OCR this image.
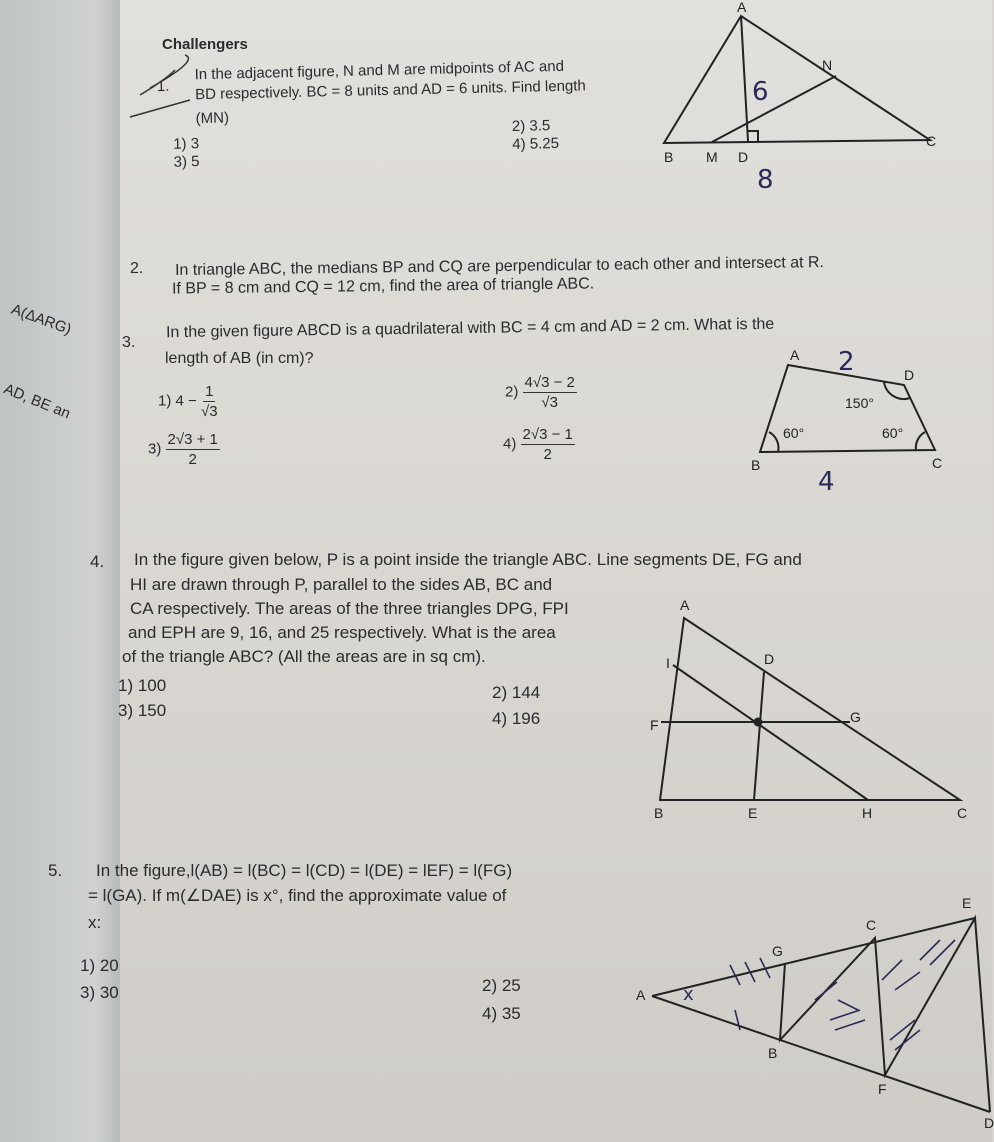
A(ΔARG)
AD, BE an
Challengers
1.
In the adjacent figure, N and M are midpoints of AC and
BD respectively. BC = 8 units and AD = 6 units. Find length
(MN)
1) 3
2) 3.5
3) 5
4) 5.25
A
N
B M D
C
6
8
A
D
B	C
150°
60°	60°
2
4
A
I	D
F	G
B	E	H	C
E
C
G
A
B
F
D
x
2. In triangle ABC, the medians BP and CQ are perpendicular to each other and intersect at R.
If BP = 8 cm and CQ = 12 cm, find the area of triangle ABC.
3.
In the given figure ABCD is a quadrilateral with BC = 4 cm and AD = 2 cm. What is the
length of AB (in cm)?
1) $4 - \frac{1}{√3}$	$2) \frac{4√3 - 2}{√3}$
$3) \frac{2√3 + 1}{2}$	$4) \frac{2√3 - 1}{2}$
4. In the figure given below, P is a point inside the triangle ABC. Line segments DE, FG and
HI are drawn through P, parallel to the sides AB, BC and
CA respectively. The areas of the three triangles DPG, FPI
and EPH are 9, 16, and 25 respectively. What is the area
of the triangle ABC? (All the areas are in sq cm).
1) 100	2) 144
3) 150	4) 196
5. In the figure,l(AB) = l(BC) = l(CD) = l(DE) = lEF) = l(FG)
= l(GA). If m(∠DAE) is x°, find the approximate value of
x:
1) 20
2) 25
3) 30
4) 35
